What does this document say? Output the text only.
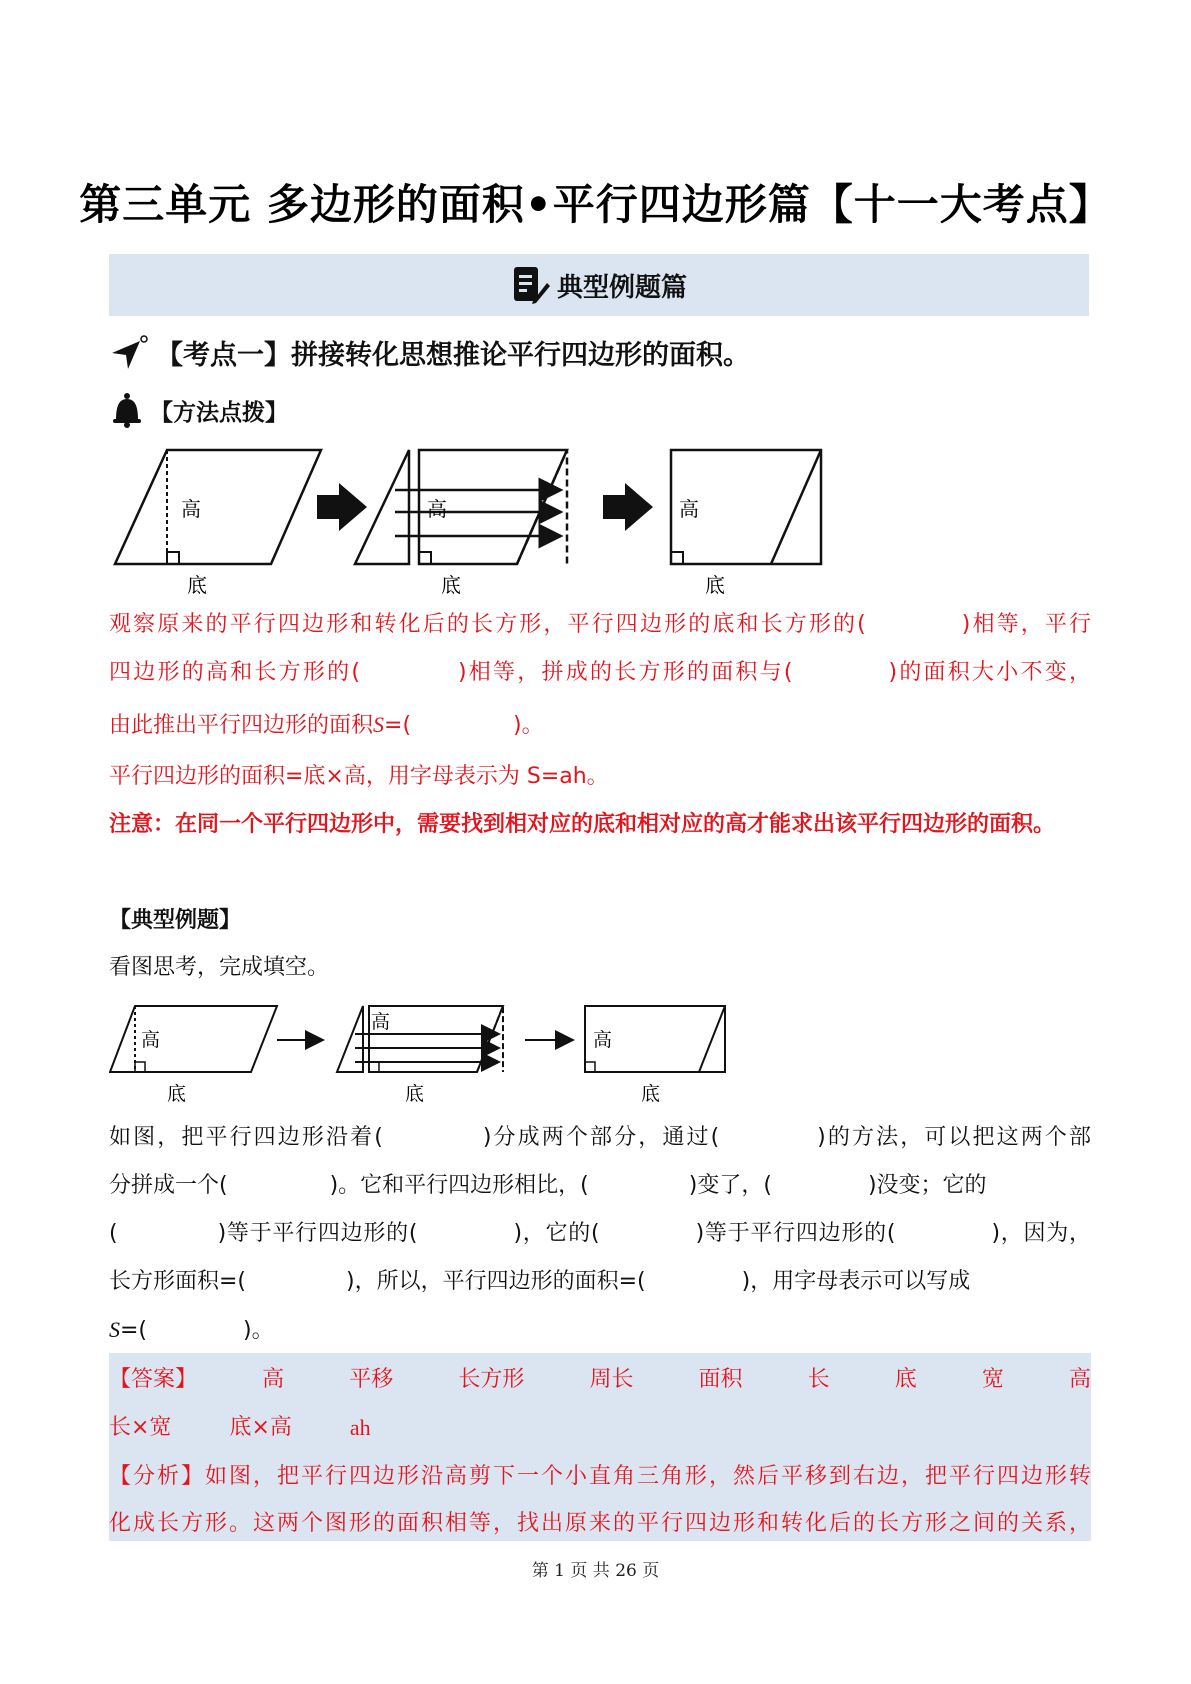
第三单元 多边形的面积•平行四边形篇【十一大考点】
典型例题篇
【考点一】拼接转化思想推论平行四边形的面积。
【方法点拨】
高
底
高
底
高
底
观察原来的平行四边形和转化后的长方形，平行四边形的底和长方形的(	)相等，平行
四边形的高和长方形的(	)相等，拼成的长方形的面积与(	)的面积大小不变，
由此推出平行四边形的面积S=(	)。
平行四边形的面积=底×高，用字母表示为 S=ah。
注意：在同一个平行四边形中，需要找到相对应的底和相对应的高才能求出该平行四边形的面积。
【典型例题】
看图思考，完成填空。
高
底
高
底
高
底
如图，把平行四边形沿着(	)分成两个部分，通过(	)的方法，可以把这两个部
分拼成一个(	)。它和平行四边形相比，(	)变了，(	)没变；它的
(	)等于平行四边形的(	)，它的(	)等于平行四边形的(	)，因为，
长方形面积=(	)，所以，平行四边形的面积=(	)，用字母表示可以写成
S=(	)。
【答案】	高	平移	长方形	周长	面积	长	底	宽	高
长×宽	底×高	ah
【分析】如图，把平行四边形沿高剪下一个小直角三角形，然后平移到右边，把平行四边形转
化成长方形。这两个图形的面积相等，找出原来的平行四边形和转化后的长方形之间的关系，
第 1 页 共 26 页
